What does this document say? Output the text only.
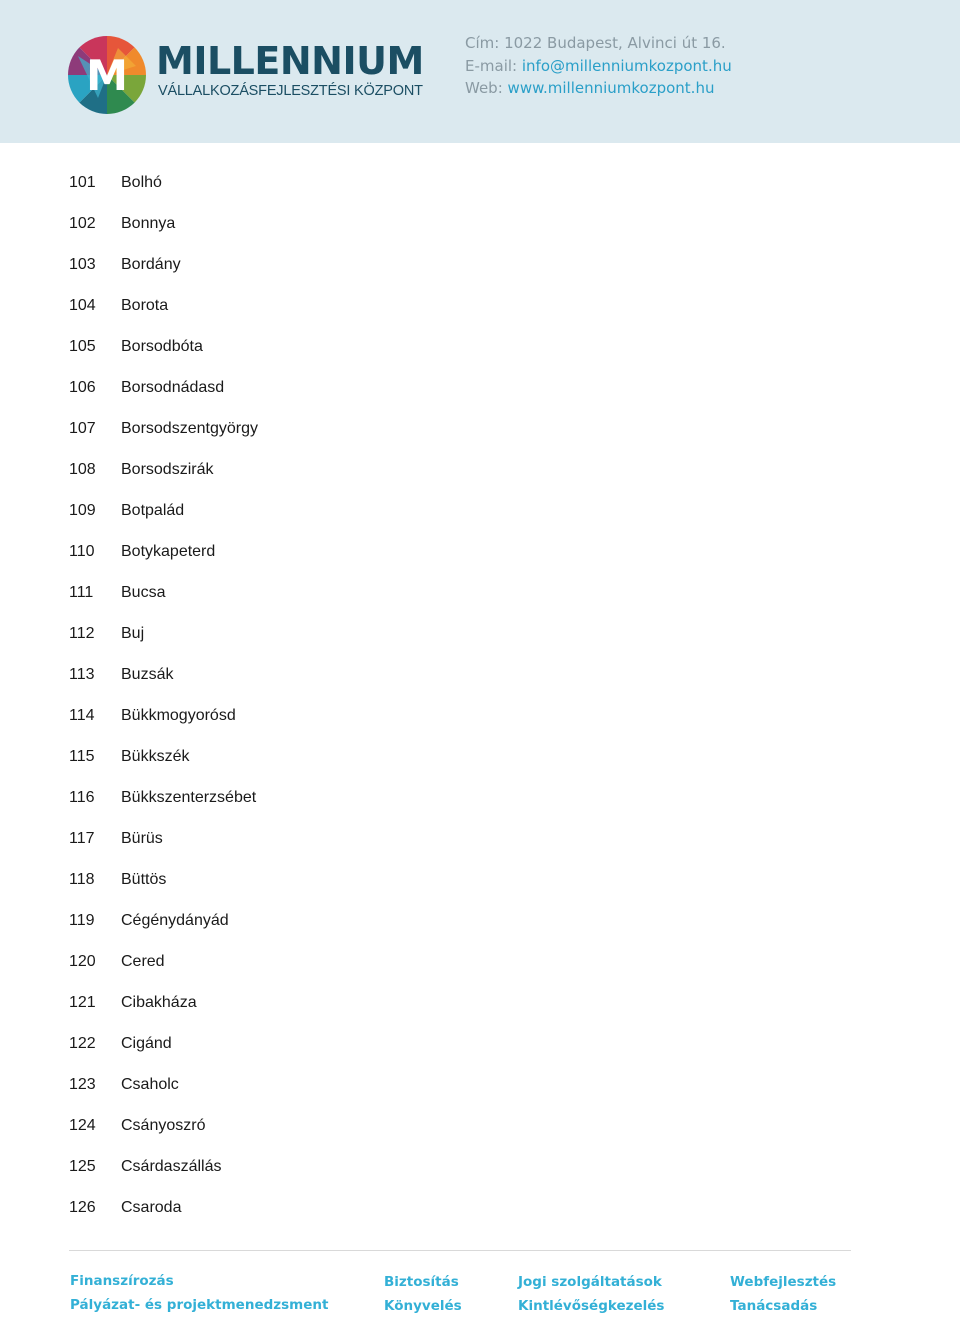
M MILLENNIUM
VÁLLALKOZÁSFEJLESZTÉSI KÖZPONT
Cím: 1022 Budapest, Alvinci út 16.
E-mail: info@millenniumkozpont.hu
Web: www.millenniumkozpont.hu
101	Bolhó
102	Bonnya
103	Bordány
104	Borota
105	Borsodbóta
106	Borsodnádasd
107	Borsodszentgyörgy
108	Borsodszirák
109	Botpalád
110	Botykapeterd
111	Bucsa
112	Buj
113	Buzsák
114	Bükkmogyorósd
115	Bükkszék
116	Bükkszenterzsébet
117	Bürüs
118	Büttös
119	Cégénydányád
120	Cered
121	Cibakháza
122	Cigánd
123	Csaholc
124	Csányoszró
125	Csárdaszállás
126	Csaroda
Finanszírozás
Pályázat- és projektmenedzsment
Biztosítás
Könyvelés
Jogi szolgáltatások
Kintlévőségkezelés
Webfejlesztés
Tanácsadás
